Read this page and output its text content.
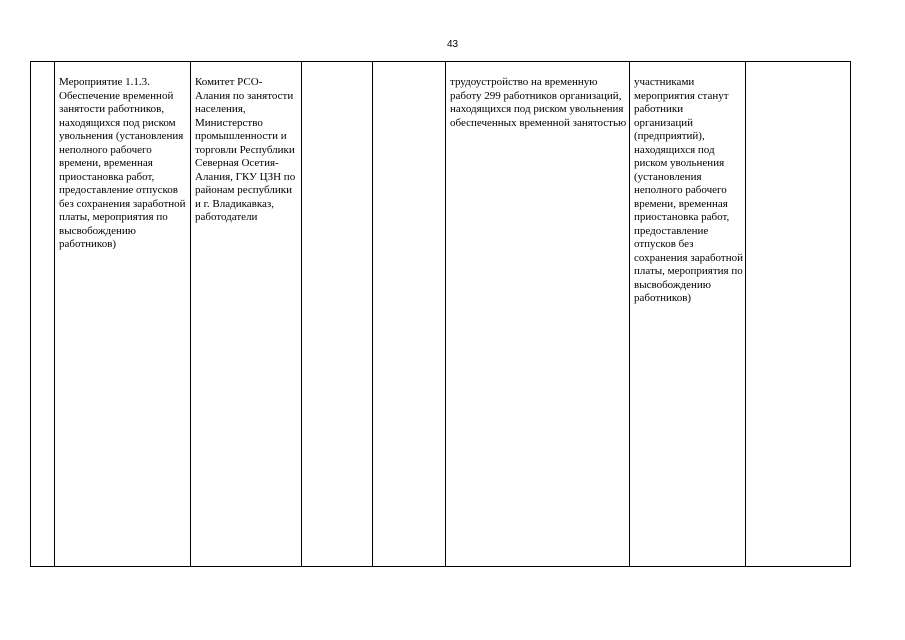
43
	Мероприятие 1.1.3.
Обеспечение временной занятости работников, находящихся под риском увольнения (установления неполного рабочего времени, временная приостановка работ, предоставление отпусков без сохранения заработной платы, мероприятия по высвобождению работников)	Комитет РСО-
Алания по занятости населения, Министерство промышленности и торговли Республики Северная Осетия-Алания, ГКУ ЦЗН по районам республики и г. Владикавказ, работодатели			трудоустройство на временную работу 299 работников организаций, находящихся под риском увольнения обеспеченных временной занятостью	участниками мероприятия станут работники организаций (предприятий), находящихся под риском увольнения (установления неполного рабочего времени, временная приостановка работ, предоставление отпусков без сохранения заработной платы, мероприятия по высвобождению работников)	
